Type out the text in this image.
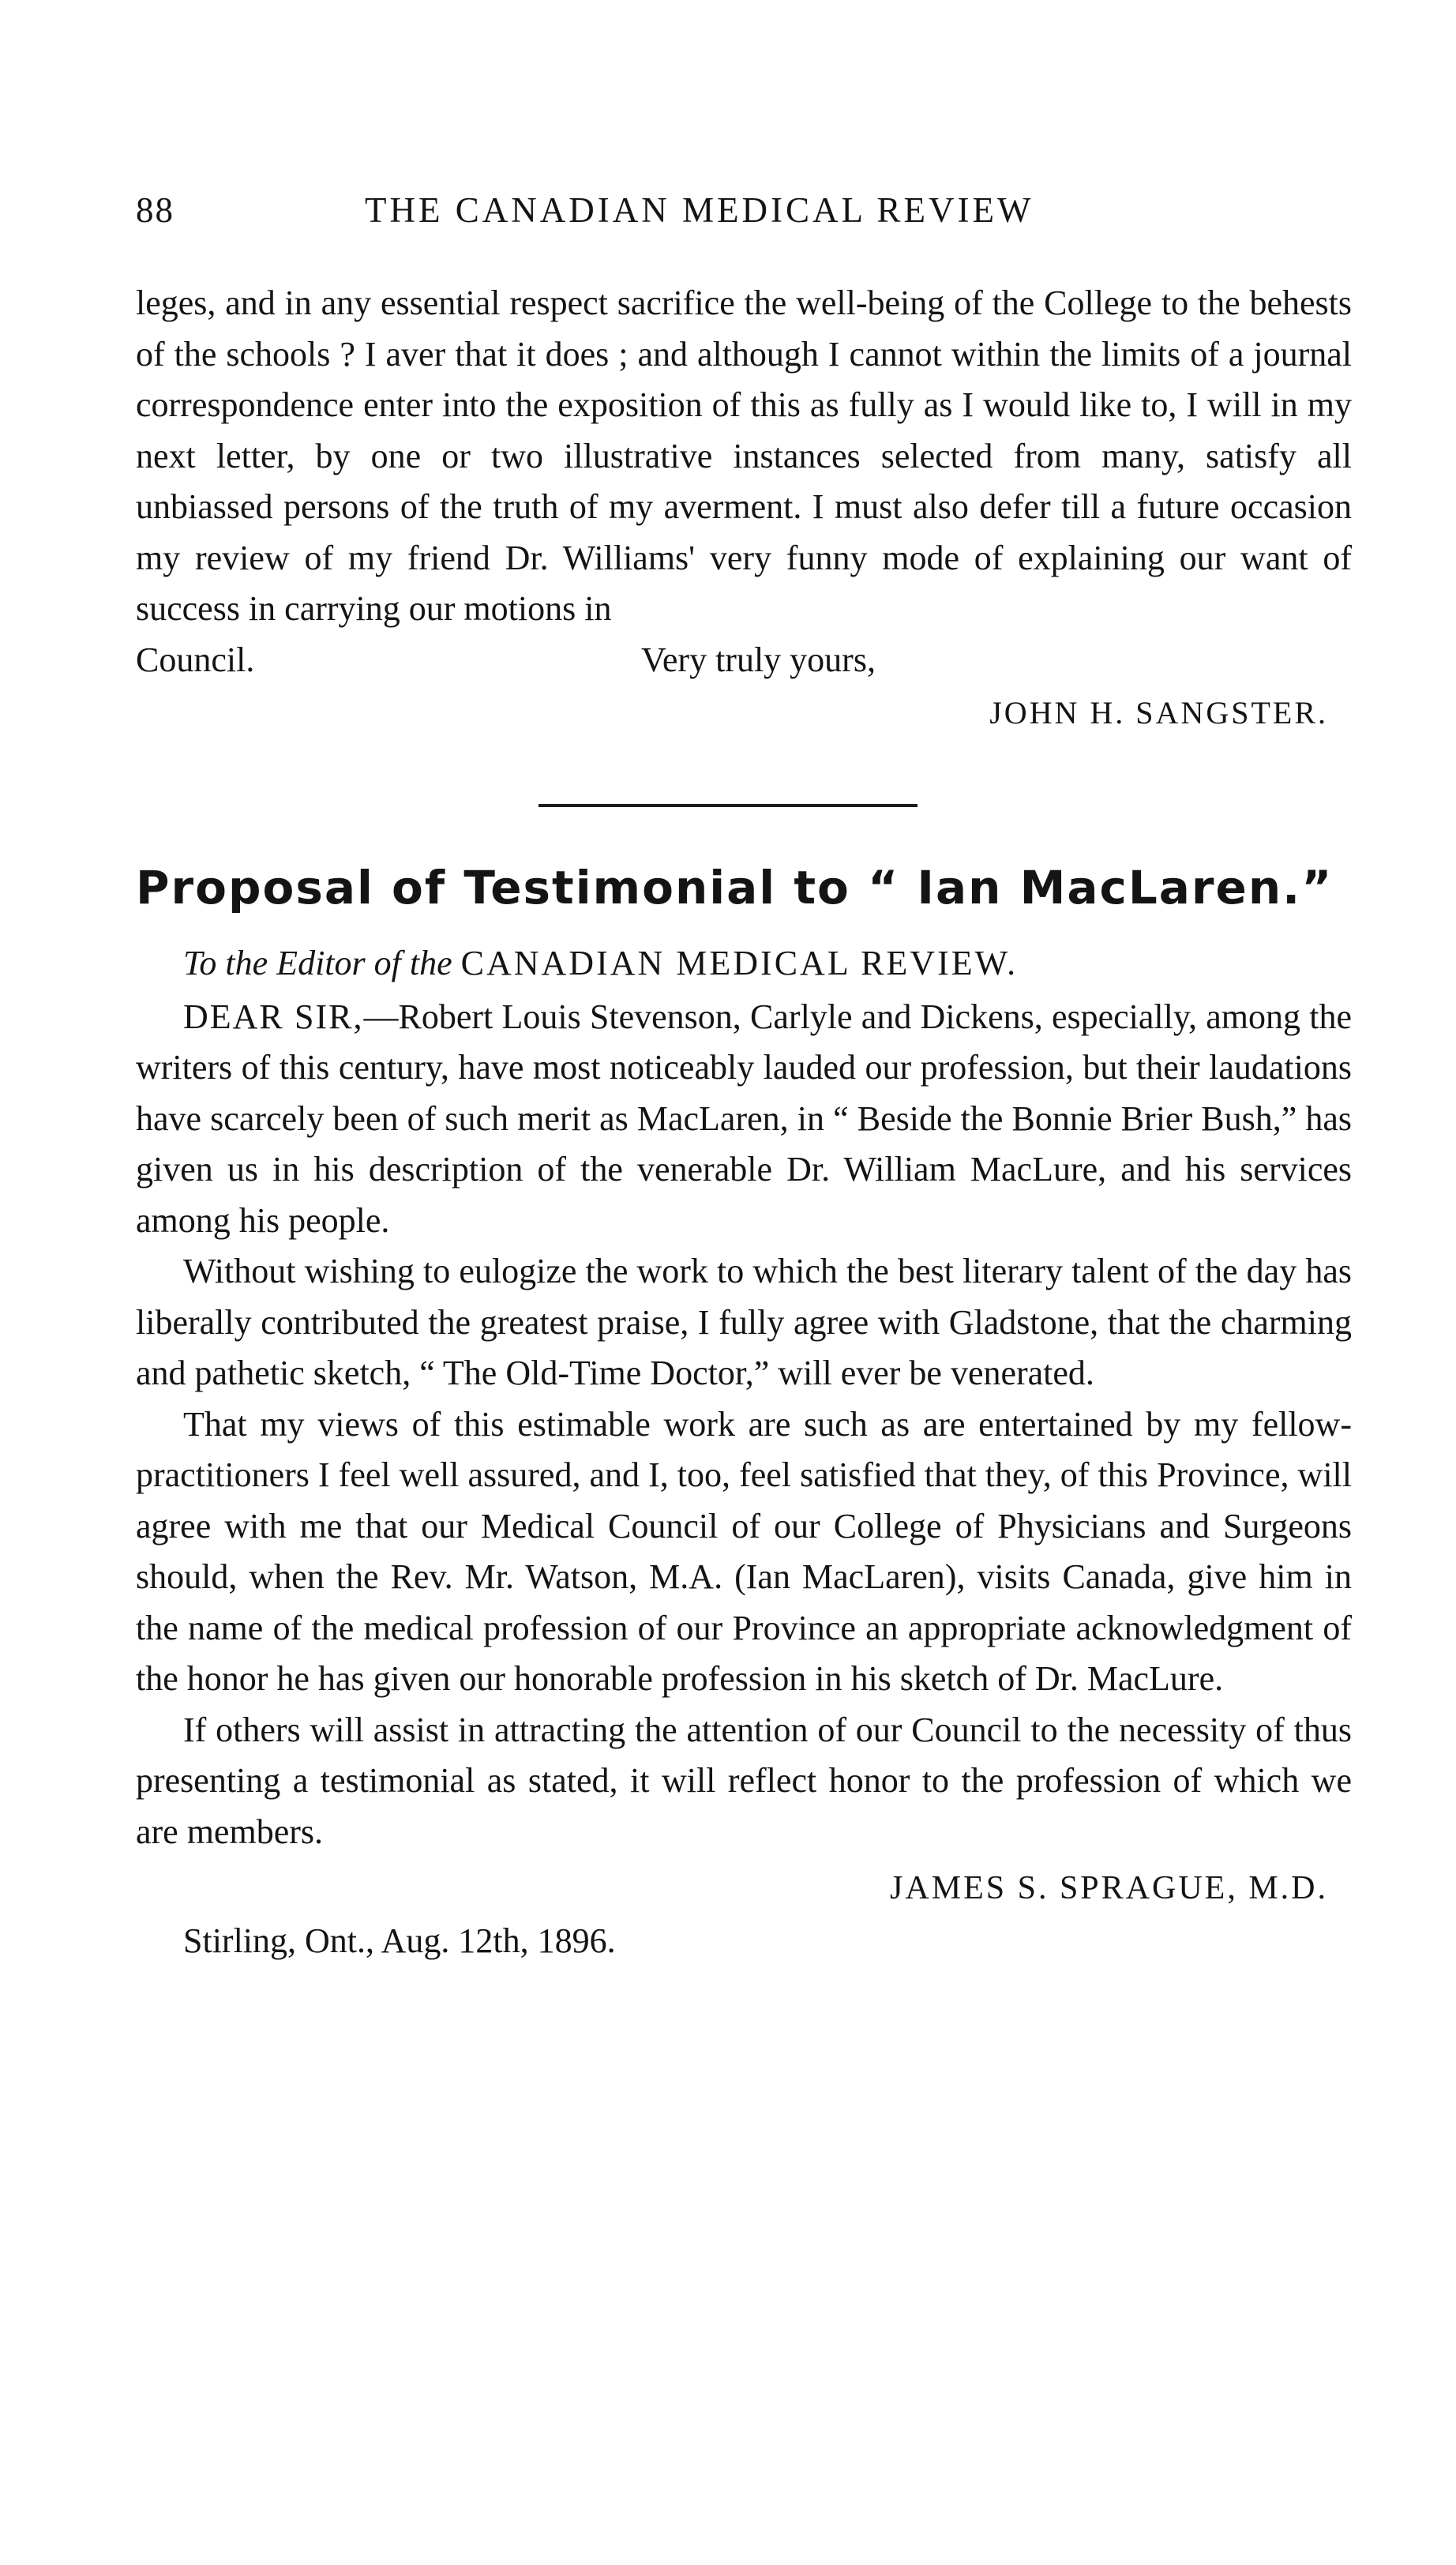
88	THE CANADIAN MEDICAL REVIEW

leges, and in any essential respect sacrifice the well-being of the College to the behests of the schools ? I aver that it does ; and although I cannot within the limits of a journal correspondence enter into the exposition of this as fully as I would like to, I will in my next letter, by one or two illustrative instances selected from many, satisfy all unbiassed persons of the truth of my averment. I must also defer till a future occasion my review of my friend Dr. Williams' very funny mode of explaining our want of success in carrying our motions in

Council.	Very truly yours,
JOHN H. SANGSTER.
Proposal of Testimonial to “ Ian MacLaren.”
To the Editor of the CANADIAN MEDICAL REVIEW.

DEAR SIR,—Robert Louis Stevenson, Carlyle and Dickens, especially, among the writers of this century, have most noticeably lauded our profession, but their laudations have scarcely been of such merit as MacLaren, in “ Beside the Bonnie Brier Bush,” has given us in his description of the venerable Dr. William MacLure, and his services among his people.

Without wishing to eulogize the work to which the best literary talent of the day has liberally contributed the greatest praise, I fully agree with Gladstone, that the charming and pathetic sketch, “ The Old-Time Doctor,” will ever be venerated.

That my views of this estimable work are such as are entertained by my fellow-practitioners I feel well assured, and I, too, feel satisfied that they, of this Province, will agree with me that our Medical Council of our College of Physicians and Surgeons should, when the Rev. Mr. Watson, M.A. (Ian MacLaren), visits Canada, give him in the name of the medical profession of our Province an appropriate acknowledgment of the honor he has given our honorable profession in his sketch of Dr. MacLure.

If others will assist in attracting the attention of our Council to the necessity of thus presenting a testimonial as stated, it will reflect honor to the profession of which we are members.

JAMES S. SPRAGUE, M.D.
Stirling, Ont., Aug. 12th, 1896.
